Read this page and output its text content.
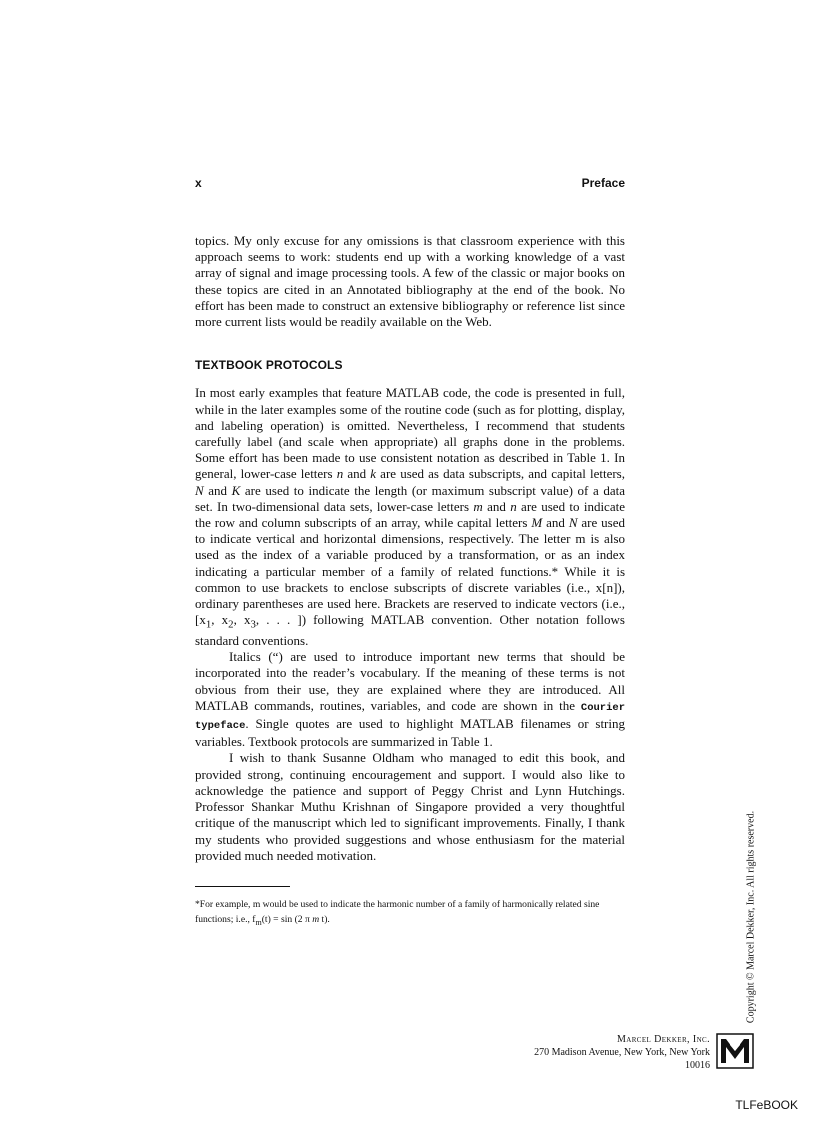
x	Preface

topics. My only excuse for any omissions is that classroom experience with this approach seems to work: students end up with a working knowledge of a vast array of signal and image processing tools. A few of the classic or major books on these topics are cited in an Annotated bibliography at the end of the book. No effort has been made to construct an extensive bibliography or reference list since more current lists would be readily available on the Web.

TEXTBOOK PROTOCOLS

In most early examples that feature MATLAB code, the code is presented in full, while in the later examples some of the routine code (such as for plotting, display, and labeling operation) is omitted. Nevertheless, I recommend that students carefully label (and scale when appropriate) all graphs done in the problems. Some effort has been made to use consistent notation as described in Table 1. In general, lower-case letters n and k are used as data subscripts, and capital letters, N and K are used to indicate the length (or maximum subscript value) of a data set. In two-dimensional data sets, lower-case letters m and n are used to indicate the row and column subscripts of an array, while capital letters M and N are used to indicate vertical and horizontal dimensions, respectively. The letter m is also used as the index of a variable produced by a transformation, or as an index indicating a particular member of a family of related functions.* While it is common to use brackets to enclose subscripts of discrete variables (i.e., x[n]), ordinary parentheses are used here. Brackets are reserved to indicate vectors (i.e., [$x_1$, $x_2$, $x_3$, . . . ]) following MATLAB convention. Other notation follows standard conventions.

Italics (“) are used to introduce important new terms that should be incorporated into the reader’s vocabulary. If the meaning of these terms is not obvious from their use, they are explained where they are introduced. All MATLAB commands, routines, variables, and code are shown in the Courier typeface. Single quotes are used to highlight MATLAB filenames or string variables. Textbook protocols are summarized in Table 1.

I wish to thank Susanne Oldham who managed to edit this book, and provided strong, continuing encouragement and support. I would also like to acknowledge the patience and support of Peggy Christ and Lynn Hutchings. Professor Shankar Muthu Krishnan of Singapore provided a very thoughtful critique of the manuscript which led to significant improvements. Finally, I thank my students who provided suggestions and whose enthusiasm for the material provided much needed motivation.

*For example, m would be used to indicate the harmonic number of a family of harmonically related sine functions; i.e., $f_m(t) = \sin (2$ π m t).	Copyright © Marcel Dekker, Inc. All rights reserved.
Marcel Dekker, Inc.
270 Madison Avenue, New York, New York 10016
TLFeBOOK
